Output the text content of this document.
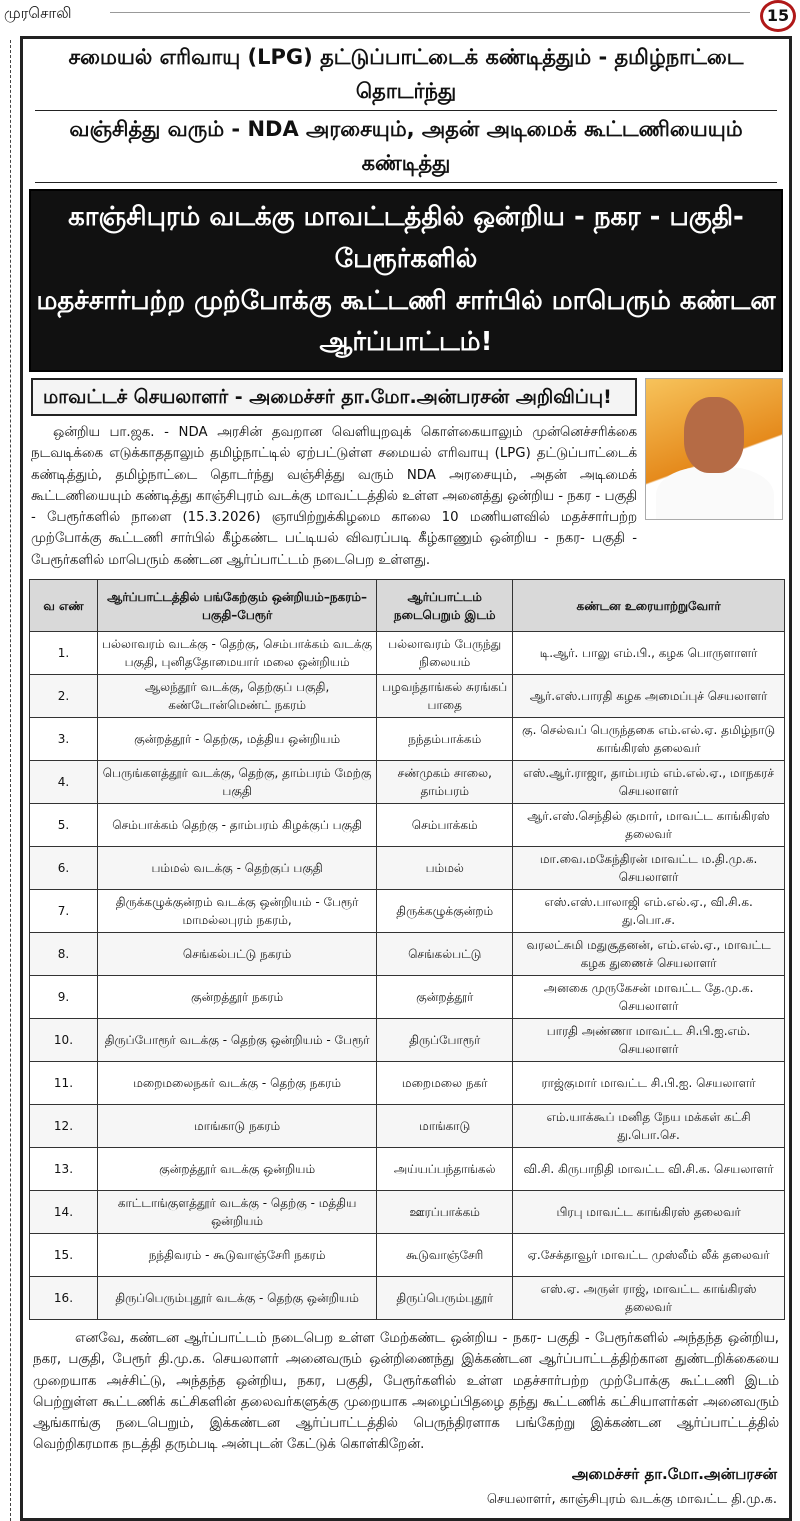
முரசொலி	15
சமையல் எரிவாயு (LPG) தட்டுப்பாட்டைக் கண்டித்தும் - தமிழ்நாட்டை தொடர்ந்து
வஞ்சித்து வரும் - NDA அரசையும், அதன் அடிமைக் கூட்டணியையும் கண்டித்து
காஞ்சிபுரம் வடக்கு மாவட்டத்தில் ஒன்றிய - நகர - பகுதி- பேரூர்களில்
மதச்சார்பற்ற முற்போக்கு கூட்டணி சார்பில் மாபெரும் கண்டன ஆர்ப்பாட்டம்!
மாவட்டச் செயலாளர் - அமைச்சர் தா.மோ.அன்பரசன் அறிவிப்பு!

ஒன்றிய பா.ஜக. - NDA அரசின் தவறான வெளியுறவுக் கொள்கையாலும் முன்னெச்சரிக்கை நடவடிக்கை எடுக்காததாலும் தமிழ்நாட்டில் ஏற்பட்டுள்ள சமையல் எரிவாயு (LPG) தட்டுப்பாட்டைக் கண்டித்தும், தமிழ்நாட்டை தொடர்ந்து வஞ்சித்து வரும் NDA அரசையும், அதன் அடிமைக் கூட்டணியையும் கண்டித்து காஞ்சிபுரம் வடக்கு மாவட்டத்தில் உள்ள அனைத்து ஒன்றிய - நகர - பகுதி - பேரூர்களில் நாளை (15.3.2026) ஞாயிற்றுக்கிழமை காலை 10 மணியளவில் மதச்சார்பற்ற முற்போக்கு கூட்டணி சார்பில் கீழ்கண்ட பட்டியல் விவரப்படி கீழ்காணும் ஒன்றிய - நகர- பகுதி - பேரூர்களில் மாபெரும் கண்டன ஆர்ப்பாட்டம் நடைபெற உள்ளது.

வ எண்	ஆர்ப்பாட்டத்தில் பங்கேற்கும் ஒன்றியம்–நகரம்–பகுதி–பேரூர்	ஆர்ப்பாட்டம் நடைபெறும் இடம்	கண்டன உரையாற்றுவோர்
1.	பல்லாவரம் வடக்கு - தெற்கு, செம்பாக்கம் வடக்கு பகுதி, புனிததோமையார் மலை ஒன்றியம்	பல்லாவரம் பேருந்து நிலையம்	டி.ஆர். பாலு எம்.பி., கழக பொருளாளர்
2.	ஆலந்தூர் வடக்கு, தெற்குப் பகுதி, கண்டோன்மெண்ட் நகரம்	பழவந்தாங்கல் சுரங்கப் பாதை	ஆர்.எஸ்.பாரதி கழக அமைப்புச் செயலாளர்
3.	குன்றத்தூர் - தெற்கு, மத்திய ஒன்றியம்	நந்தம்பாக்கம்	கு. செல்வப் பெருந்தகை எம்.எல்.ஏ. தமிழ்நாடு காங்கிரஸ் தலைவர்
4.	பெருங்களத்தூர் வடக்கு, தெற்கு, தாம்பரம் மேற்கு பகுதி	சண்முகம் சாலை, தாம்பரம்	எஸ்.ஆர்.ராஜா, தாம்பரம் எம்.எல்.ஏ., மாநகரச் செயலாளர்
5.	செம்பாக்கம் தெற்கு - தாம்பரம் கிழக்குப் பகுதி	செம்பாக்கம்	ஆர்.எஸ்.செந்தில் குமார், மாவட்ட காங்கிரஸ் தலைவர்
6.	பம்மல் வடக்கு - தெற்குப் பகுதி	பம்மல்	மா.வை.மகேந்திரன் மாவட்ட ம.தி.மு.க. செயலாளர்
7.	திருக்கழுக்குன்றம் வடக்கு ஒன்றியம் - பேரூர் மாமல்லபுரம் நகரம்,	திருக்கழுக்குன்றம்	எஸ்.எஸ்.பாலாஜி எம்.எல்.ஏ., வி.சி.க. து.பொ.ச.
8.	செங்கல்பட்டு நகரம்	செங்கல்பட்டு	வரலட்சுமி மதுசூதனன், எம்.எல்.ஏ., மாவட்ட கழக துணைச் செயலாளர்
9.	குன்றத்தூர் நகரம்	குன்றத்தூர்	அனகை முருகேசன் மாவட்ட தே.மு.க. செயலாளர்
10.	திருப்போரூர் வடக்கு - தெற்கு ஒன்றியம் - பேரூர்	திருப்போரூர்	பாரதி அண்ணா மாவட்ட சி.பி.ஐ.எம். செயலாளர்
11.	மறைமலைநகர் வடக்கு - தெற்கு நகரம்	மறைமலை நகர்	ராஜ்குமார் மாவட்ட சி.பி.ஐ. செயலாளர்
12.	மாங்காடு நகரம்	மாங்காடு	எம்.யாக்கூப் மனித நேய மக்கள் கட்சி து.பொ.செ.
13.	குன்றத்தூர் வடக்கு ஒன்றியம்	அய்யப்பந்தாங்கல்	வி.சி. கிருபாநிதி மாவட்ட வி.சி.க. செயலாளர்
14.	காட்டாங்குளத்தூர் வடக்கு - தெற்கு - மத்திய ஒன்றியம்	ஊரப்பாக்கம்	பிரபு மாவட்ட காங்கிரஸ் தலைவர்
15.	நந்திவரம் - கூடுவாஞ்சேரி நகரம்	கூடுவாஞ்சேரி	ஏ.சேக்தாவூர் மாவட்ட முஸ்லீம் லீக் தலைவர்
16.	திருப்பெரும்புதூர் வடக்கு - தெற்கு ஒன்றியம்	திருப்பெரும்புதூர்	எஸ்.ஏ. அருள் ராஜ், மாவட்ட காங்கிரஸ் தலைவர்

எனவே, கண்டன ஆர்ப்பாட்டம் நடைபெற உள்ள மேற்கண்ட ஒன்றிய - நகர- பகுதி - பேரூர்களில் அந்தந்த ஒன்றிய, நகர, பகுதி, பேரூர் தி.மு.க. செயலாளர் அனைவரும் ஒன்றிணைந்து இக்கண்டன ஆர்ப்பாட்டத்திற்கான துண்டறிக்கையை முறையாக அச்சிட்டு, அந்தந்த ஒன்றிய, நகர, பகுதி, பேரூர்களில் உள்ள மதச்சார்பற்ற முற்போக்கு கூட்டணி இடம் பெற்றுள்ள கூட்டணிக் கட்சிகளின் தலைவர்களுக்கு முறையாக அழைப்பிதழை தந்து கூட்டணிக் கட்சியாளர்கள் அனைவரும் ஆங்காங்கு நடைபெறும், இக்கண்டன ஆர்ப்பாட்டத்தில் பெருந்திரளாக பங்கேற்று இக்கண்டன ஆர்ப்பாட்டத்தில் வெற்றிகரமாக நடத்தி தரும்படி அன்புடன் கேட்டுக் கொள்கிறேன்.

அமைச்சர் தா.மோ.அன்பரசன்
செயலாளர், காஞ்சிபுரம் வடக்கு மாவட்ட தி.மு.க.
